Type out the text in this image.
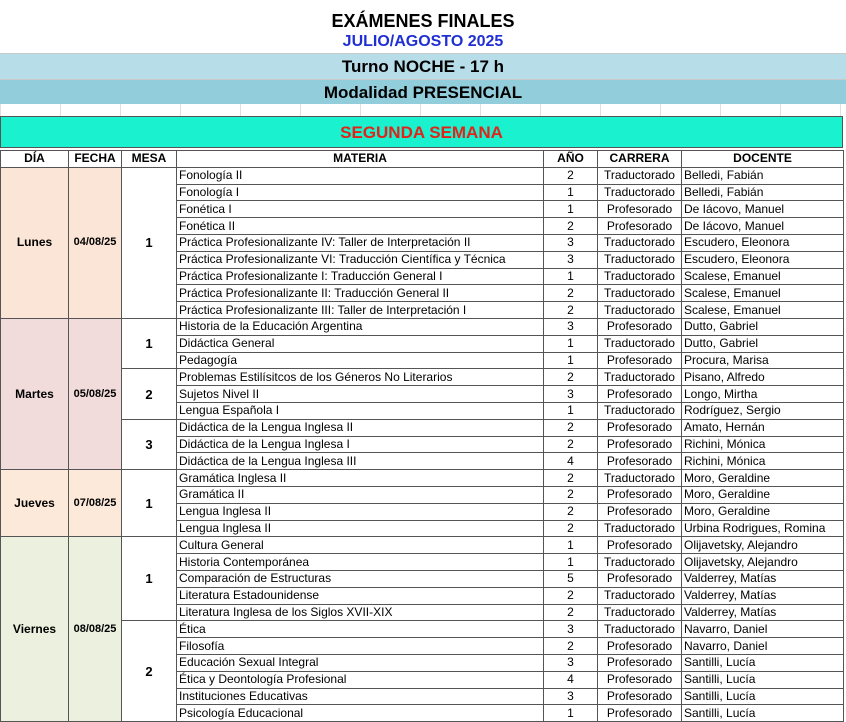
EXÁMENES FINALES
JULIO/AGOSTO 2025
Turno NOCHE - 17 h
Modalidad PRESENCIAL
SEGUNDA SEMANA
DÍA	FECHA	MESA	MATERIA	AÑO	CARRERA	DOCENTE
Lunes	04/08/25	1	Fonología II	2	Traductorado	Belledi, Fabián
			Fonología I	1	Traductorado	Belledi, Fabián
			Fonética I	1	Profesorado	De Iácovo, Manuel
			Fonética II	2	Profesorado	De Iácovo, Manuel
			Práctica Profesionalizante IV: Taller de Interpretación II	3	Traductorado	Escudero, Eleonora
			Práctica Profesionalizante VI: Traducción Científica y Técnica	3	Traductorado	Escudero, Eleonora
			Práctica Profesionalizante I: Traducción General I	1	Traductorado	Scalese, Emanuel
			Práctica Profesionalizante II: Traducción General II	2	Traductorado	Scalese, Emanuel
			Práctica Profesionalizante III: Taller de Interpretación I	2	Traductorado	Scalese, Emanuel
Martes	05/08/25	1	Historia de la Educación Argentina	3	Profesorado	Dutto, Gabriel
			Didáctica General	1	Traductorado	Dutto, Gabriel
			Pedagogía	1	Profesorado	Procura, Marisa
		2	Problemas Estilísitcos de los Géneros No Literarios	2	Traductorado	Pisano, Alfredo
			Sujetos Nivel II	3	Profesorado	Longo, Mirtha
			Lengua Española I	1	Traductorado	Rodríguez, Sergio
		3	Didáctica de la Lengua Inglesa II	2	Profesorado	Amato, Hernán
			Didáctica de la Lengua Inglesa I	2	Profesorado	Richini, Mónica
			Didáctica de la Lengua Inglesa III	4	Profesorado	Richini, Mónica
Jueves	07/08/25	1	Gramática Inglesa II	2	Traductorado	Moro, Geraldine
			Gramática II	2	Profesorado	Moro, Geraldine
			Lengua Inglesa II	2	Profesorado	Moro, Geraldine
			Lengua Inglesa II	2	Traductorado	Urbina Rodrigues, Romina
Viernes	08/08/25	1	Cultura General	1	Profesorado	Olijavetsky, Alejandro
			Historia Contemporánea	1	Traductorado	Olijavetsky, Alejandro
			Comparación de Estructuras	5	Profesorado	Valderrey, Matías
			Literatura Estadounidense	2	Traductorado	Valderrey, Matías
			Literatura Inglesa de los Siglos XVII-XIX	2	Traductorado	Valderrey, Matías
		2	Ética	3	Traductorado	Navarro, Daniel
			Filosofía	2	Profesorado	Navarro, Daniel
			Educación Sexual Integral	3	Profesorado	Santilli, Lucía
			Ética y Deontología Profesional	4	Profesorado	Santilli, Lucía
			Instituciones Educativas	3	Profesorado	Santilli, Lucía
			Psicología Educacional	1	Profesorado	Santilli, Lucía
